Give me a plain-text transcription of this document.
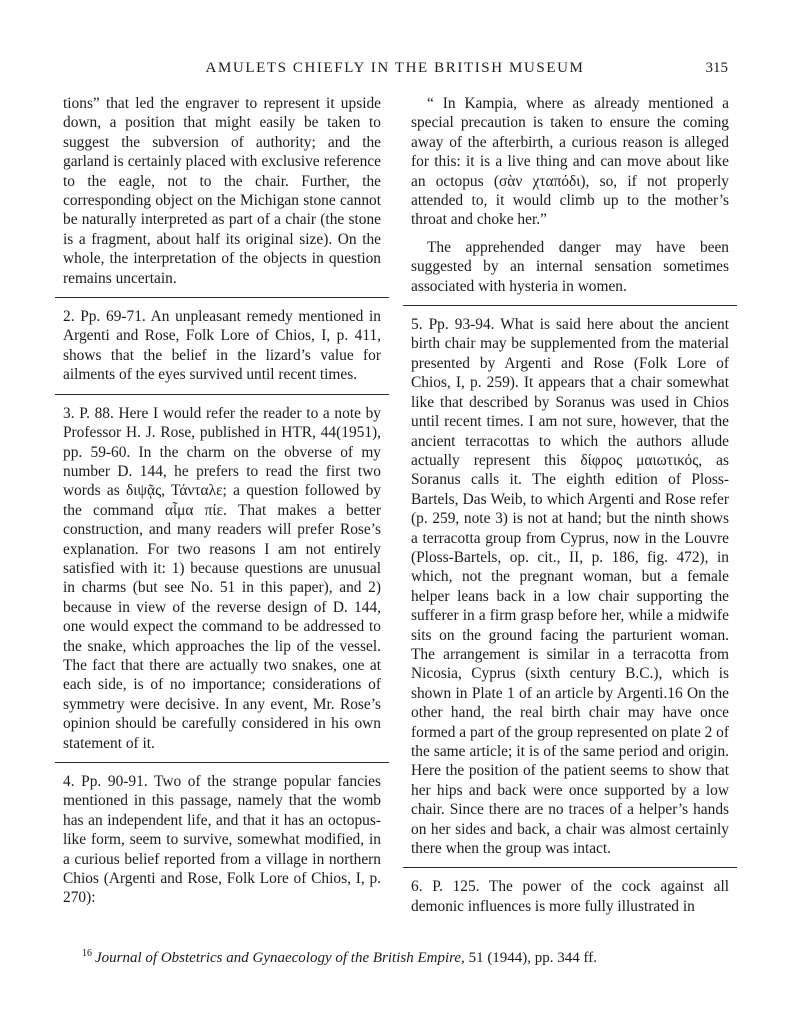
AMULETS CHIEFLY IN THE BRITISH MUSEUM	315

tions” that led the engraver to represent it upside down, a position that might easily be taken to suggest the subversion of authority; and the garland is certainly placed with exclusive reference to the eagle, not to the chair. Further, the corresponding object on the Michigan stone cannot be naturally interpreted as part of a chair (the stone is a fragment, about half its original size). On the whole, the interpretation of the objects in question remains uncertain.

2. Pp. 69-71. An unpleasant remedy mentioned in Argenti and Rose, Folk Lore of Chios, I, p. 411, shows that the belief in the lizard’s value for ailments of the eyes survived until recent times.

3. P. 88. Here I would refer the reader to a note by Professor H. J. Rose, published in HTR, 44(1951), pp. 59-60. In the charm on the obverse of my number D. 144, he prefers to read the first two words as διψᾷς, Τάνταλε; a question followed by the command αἷμα πίε. That makes a better construction, and many readers will prefer Rose’s explanation. For two reasons I am not entirely satisfied with it: 1) because questions are unusual in charms (but see No. 51 in this paper), and 2) because in view of the reverse design of D. 144, one would expect the command to be addressed to the snake, which approaches the lip of the vessel. The fact that there are actually two snakes, one at each side, is of no importance; considerations of symmetry were decisive. In any event, Mr. Rose’s opinion should be carefully considered in his own statement of it.

4. Pp. 90-91. Two of the strange popular fancies mentioned in this passage, namely that the womb has an independent life, and that it has an octopus-like form, seem to survive, somewhat modified, in a curious belief reported from a village in northern Chios (Argenti and Rose, Folk Lore of Chios, I, p. 270):

“ In Kampia, where as already mentioned a special precaution is taken to ensure the coming away of the afterbirth, a curious reason is alleged for this: it is a live thing and can move about like an octopus (σὰν χταπόδι), so, if not properly attended to, it would climb up to the mother’s throat and choke her.”

The apprehended danger may have been suggested by an internal sensation sometimes associated with hysteria in women.

5. Pp. 93-94. What is said here about the ancient birth chair may be supplemented from the material presented by Argenti and Rose (Folk Lore of Chios, I, p. 259). It appears that a chair somewhat like that described by Soranus was used in Chios until recent times. I am not sure, however, that the ancient terracottas to which the authors allude actually represent this δίφρος μαιωτικός, as Soranus calls it. The eighth edition of Ploss-Bartels, Das Weib, to which Argenti and Rose refer (p. 259, note 3) is not at hand; but the ninth shows a terracotta group from Cyprus, now in the Louvre (Ploss-Bartels, op. cit., II, p. 186, fig. 472), in which, not the pregnant woman, but a female helper leans back in a low chair supporting the sufferer in a firm grasp before her, while a midwife sits on the ground facing the parturient woman. The arrangement is similar in a terracotta from Nicosia, Cyprus (sixth century B.C.), which is shown in Plate 1 of an article by Argenti.16 On the other hand, the real birth chair may have once formed a part of the group represented on plate 2 of the same article; it is of the same period and origin. Here the position of the patient seems to show that her hips and back were once supported by a low chair. Since there are no traces of a helper’s hands on her sides and back, a chair was almost certainly there when the group was intact.

6. P. 125. The power of the cock against all demonic influences is more fully illustrated in

$^{16}$ Journal of Obstetrics and Gynaecology of the British Empire, 51 (1944), pp. 344 ff.
